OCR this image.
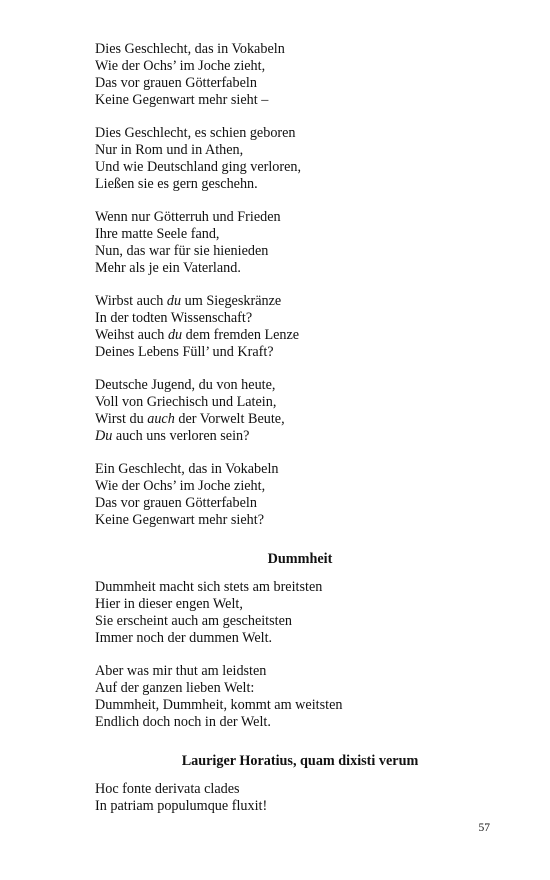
Dies Geschlecht, das in Vokabeln
Wie der Ochs’ im Joche zieht,
Das vor grauen Götterfabeln
Keine Gegenwart mehr sieht –
Dies Geschlecht, es schien geboren
Nur in Rom und in Athen,
Und wie Deutschland ging verloren,
Ließen sie es gern geschehn.
Wenn nur Götterruh und Frieden
Ihre matte Seele fand,
Nun, das war für sie hienieden
Mehr als je ein Vaterland.
Wirbst auch du um Siegeskränze
In der todten Wissenschaft?
Weihst auch du dem fremden Lenze
Deines Lebens Füll’ und Kraft?
Deutsche Jugend, du von heute,
Voll von Griechisch und Latein,
Wirst du auch der Vorwelt Beute,
Du auch uns verloren sein?
Ein Geschlecht, das in Vokabeln
Wie der Ochs’ im Joche zieht,
Das vor grauen Götterfabeln
Keine Gegenwart mehr sieht?
Dummheit
Dummheit macht sich stets am breitsten
Hier in dieser engen Welt,
Sie erscheint auch am gescheitsten
Immer noch der dummen Welt.
Aber was mir thut am leidsten
Auf der ganzen lieben Welt:
Dummheit, Dummheit, kommt am weitsten
Endlich doch noch in der Welt.
Lauriger Horatius, quam dixisti verum
Hoc fonte derivata clades
In patriam populumque fluxit!
57
